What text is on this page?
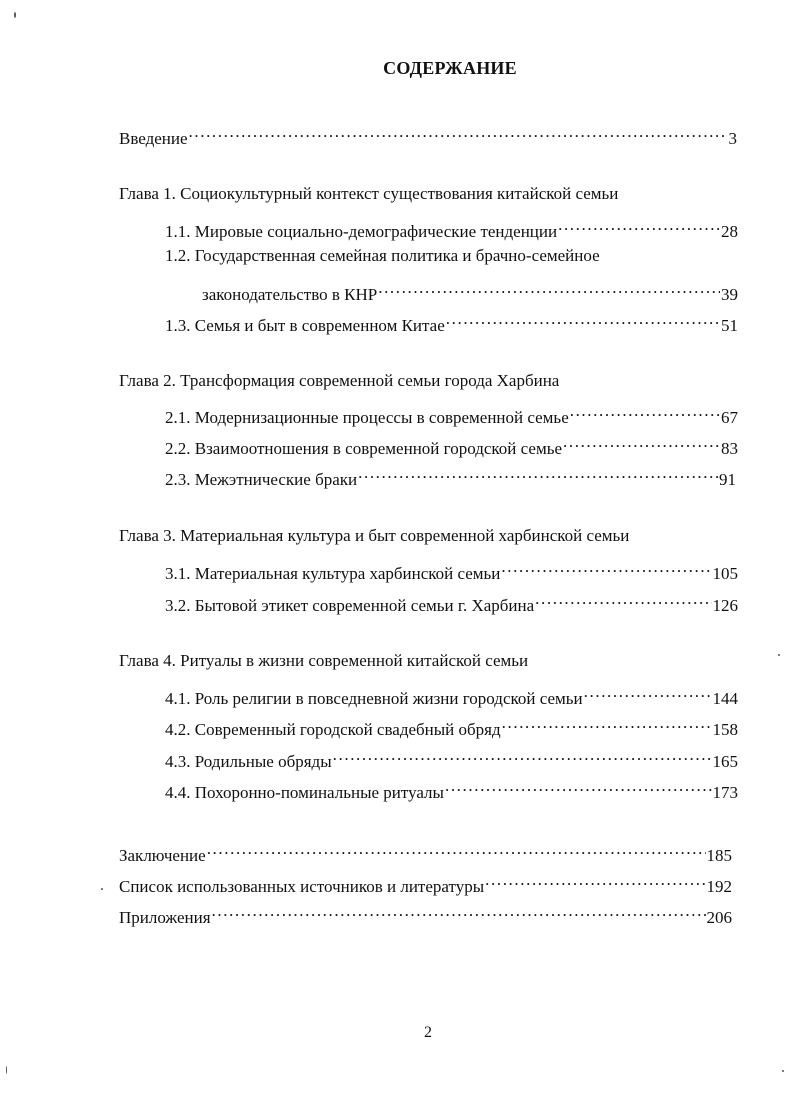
СОДЕРЖАНИЕ
Введение .....	3
Глава 1. Социокультурный контекст существования китайской семьи
1.1. Мировые социально-демографические тенденции .....	28
1.2. Государственная семейная политика и брачно-семейное
законодательство в КНР .....	39
1.3. Семья и быт в современном Китае .....	51
Глава 2. Трансформация современной семьи города Харбина
2.1. Модернизационные процессы в современной семье .....	67
2.2. Взаимоотношения в современной городской семье .....	83
2.3. Межэтнические браки .....	91
Глава 3. Материальная культура и быт современной харбинской семьи
3.1. Материальная культура харбинской семьи .....	105
3.2. Бытовой этикет современной семьи г. Харбина .....	126
Глава 4. Ритуалы в жизни современной китайской семьи
4.1. Роль религии в повседневной жизни городской семьи .....	144
4.2. Современный городской свадебный обряд .....	158
4.3. Родильные обряды .....	165
4.4. Похоронно-поминальные ритуалы .....	173
Заключение .....	185
Список использованных источников и литературы .....	192
Приложения .....	206
2
